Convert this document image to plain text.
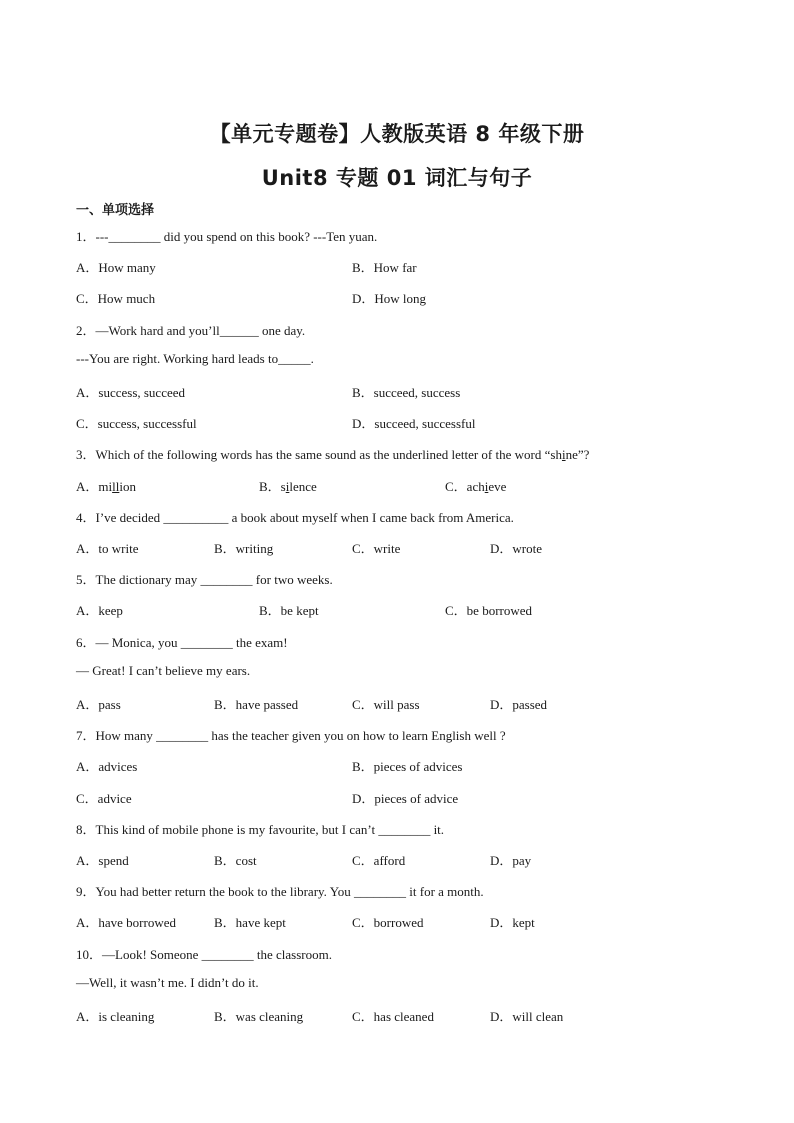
【单元专题卷】人教版英语 8 年级下册
Unit8 专题 01 词汇与句子
一、单项选择
1．---________ did you spend on this book? ---Ten yuan.
A．How many	B．How far
C．How much	D．How long
2．—Work hard and you’ll______ one day.
---You are right. Working hard leads to_____.
A．success, succeed	B．succeed, success
C．success, successful	D．succeed, successful
3．Which of the following words has the same sound as the underlined letter of the word “shine”?
A．million	B．silence	C．achieve
4．I’ve decided __________ a book about myself when I came back from America.
A．to write	B．writing	C．write	D．wrote
5．The dictionary may ________ for two weeks.
A．keep	B．be kept	C．be borrowed
6．— Monica, you ________ the exam!
— Great! I can’t believe my ears.
A．pass	B．have passed	C．will pass	D．passed
7．How many ________ has the teacher given you on how to learn English well ?
A．advices	B．pieces of advices
C．advice	D．pieces of advice
8．This kind of mobile phone is my favourite, but I can’t ________ it.
A．spend	B．cost	C．afford	D．pay
9．You had better return the book to the library. You ________ it for a month.
A．have borrowed	B．have kept	C．borrowed	D．kept
10．—Look! Someone ________ the classroom.
—Well, it wasn’t me. I didn’t do it.
A．is cleaning	B．was cleaning	C．has cleaned	D．will clean
